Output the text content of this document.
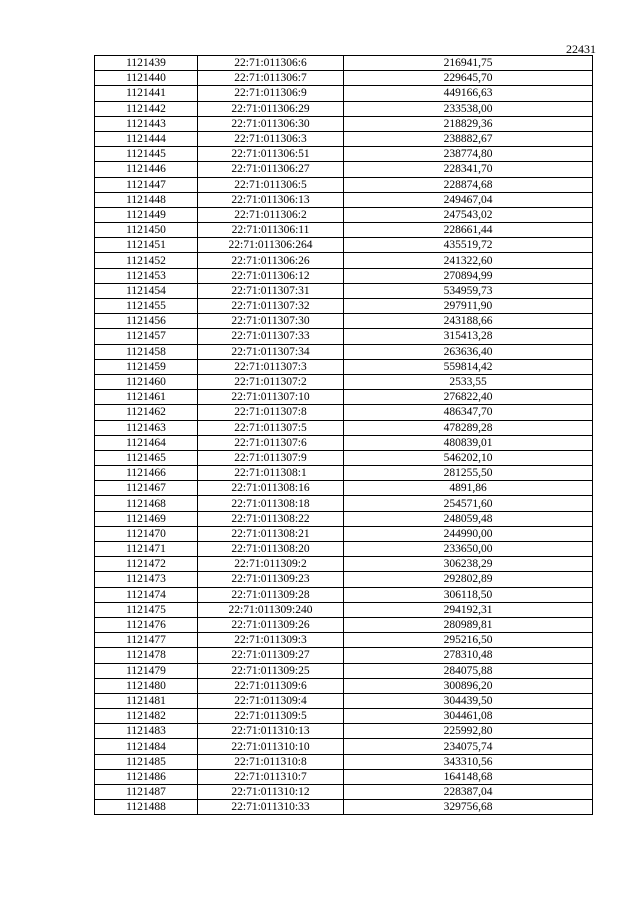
22431
1121439	22:71:011306:6	216941,75
1121440	22:71:011306:7	229645,70
1121441	22:71:011306:9	449166,63
1121442	22:71:011306:29	233538,00
1121443	22:71:011306:30	218829,36
1121444	22:71:011306:3	238882,67
1121445	22:71:011306:51	238774,80
1121446	22:71:011306:27	228341,70
1121447	22:71:011306:5	228874,68
1121448	22:71:011306:13	249467,04
1121449	22:71:011306:2	247543,02
1121450	22:71:011306:11	228661,44
1121451	22:71:011306:264	435519,72
1121452	22:71:011306:26	241322,60
1121453	22:71:011306:12	270894,99
1121454	22:71:011307:31	534959,73
1121455	22:71:011307:32	297911,90
1121456	22:71:011307:30	243188,66
1121457	22:71:011307:33	315413,28
1121458	22:71:011307:34	263636,40
1121459	22:71:011307:3	559814,42
1121460	22:71:011307:2	2533,55
1121461	22:71:011307:10	276822,40
1121462	22:71:011307:8	486347,70
1121463	22:71:011307:5	478289,28
1121464	22:71:011307:6	480839,01
1121465	22:71:011307:9	546202,10
1121466	22:71:011308:1	281255,50
1121467	22:71:011308:16	4891,86
1121468	22:71:011308:18	254571,60
1121469	22:71:011308:22	248059,48
1121470	22:71:011308:21	244990,00
1121471	22:71:011308:20	233650,00
1121472	22:71:011309:2	306238,29
1121473	22:71:011309:23	292802,89
1121474	22:71:011309:28	306118,50
1121475	22:71:011309:240	294192,31
1121476	22:71:011309:26	280989,81
1121477	22:71:011309:3	295216,50
1121478	22:71:011309:27	278310,48
1121479	22:71:011309:25	284075,88
1121480	22:71:011309:6	300896,20
1121481	22:71:011309:4	304439,50
1121482	22:71:011309:5	304461,08
1121483	22:71:011310:13	225992,80
1121484	22:71:011310:10	234075,74
1121485	22:71:011310:8	343310,56
1121486	22:71:011310:7	164148,68
1121487	22:71:011310:12	228387,04
1121488	22:71:011310:33	329756,68
